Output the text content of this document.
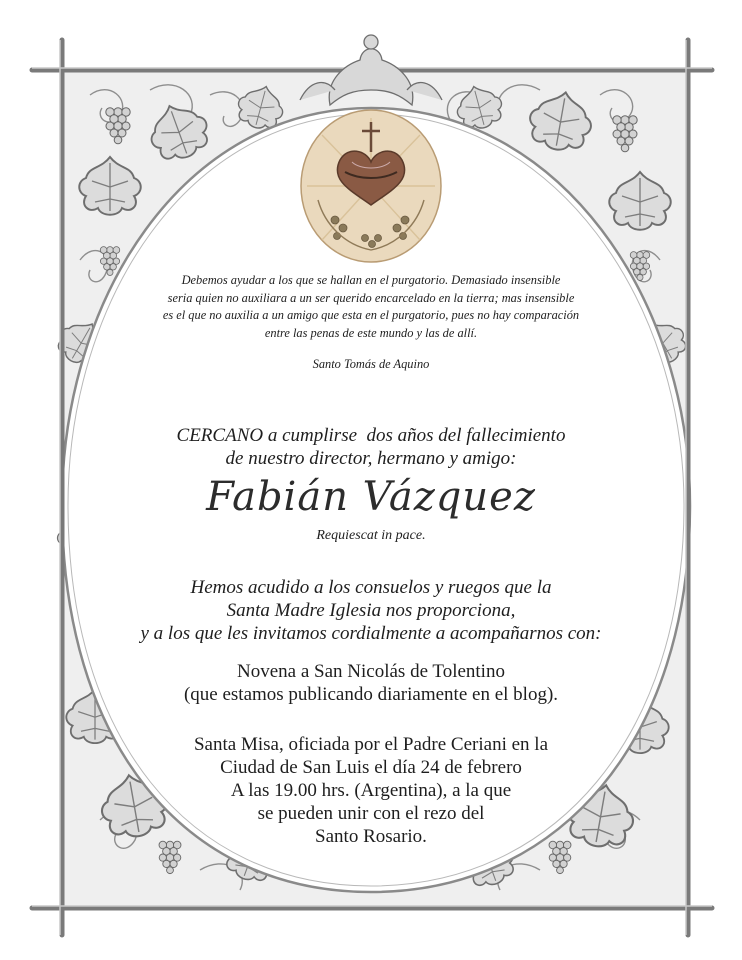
Debemos ayudar a los que se hallan en el purgatorio. Demasiado insensible
seria quien no auxiliara a un ser querido encarcelado en la tierra; mas insensible
es el que no auxilia a un amigo que esta en el purgatorio, pues no hay comparación
entre las penas de este mundo y las de allí.

Santo Tomás de Aquino

CERCANO a cumplirse  dos años del fallecimiento
de nuestro director, hermano y amigo:
Fabián Vázquez

Requiescat in pace.

Hemos acudido a los consuelos y ruegos que la
Santa Madre Iglesia nos proporciona,
y a los que les invitamos cordialmente a acompañarnos con:
Novena a San Nicolás de Tolentino
(que estamos publicando diariamente en el blog).
Santa Misa, oficiada por el Padre Ceriani en la
Ciudad de San Luis el día 24 de febrero
A las 19.00 hrs. (Argentina), a la que
se pueden unir con el rezo del
Santo Rosario.
